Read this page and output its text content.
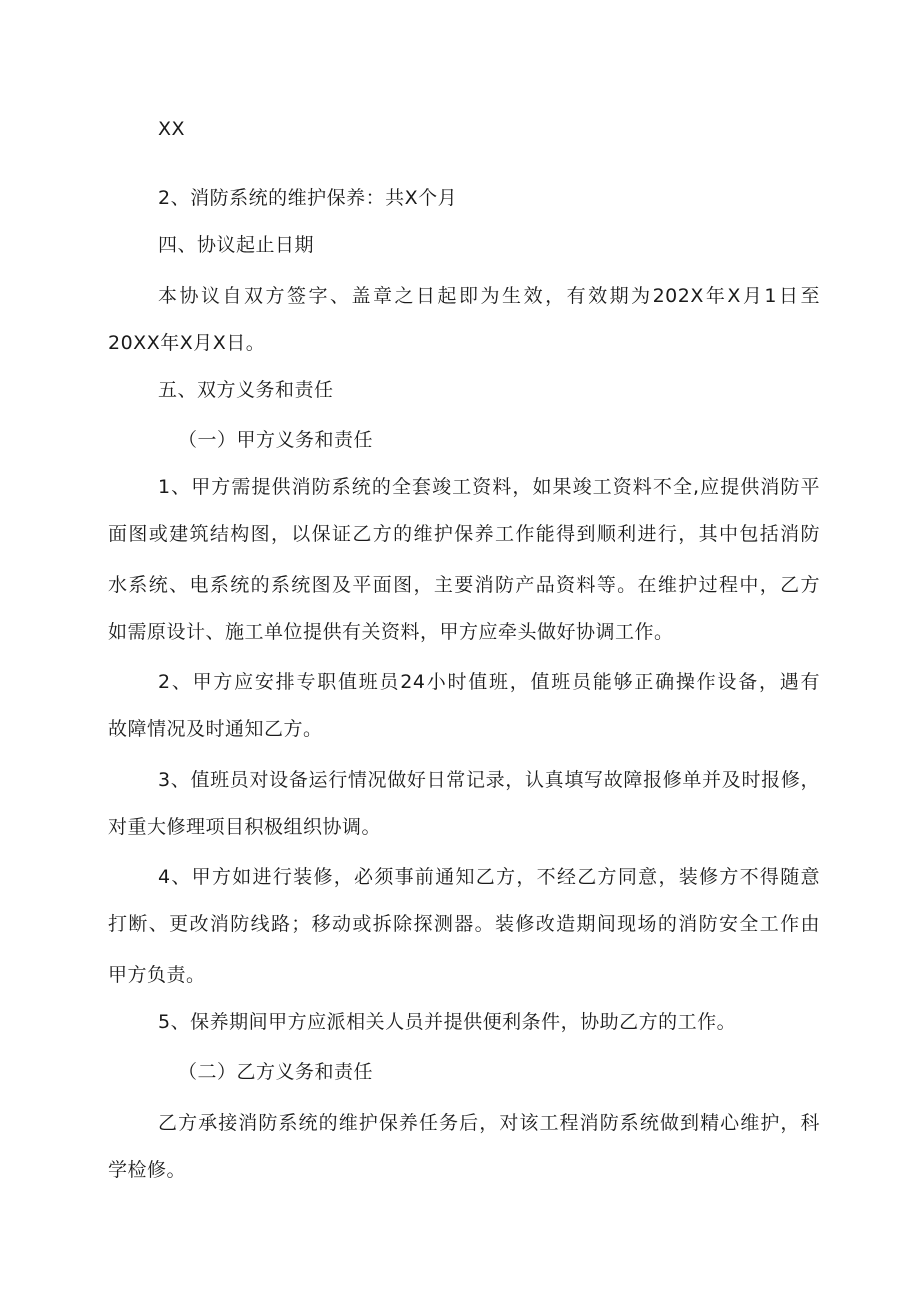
XX
2、消防系统的维护保养：共X个月
四、协议起止日期
本协议自双方签字、盖章之日起即为生效，有效期为202X年X月1日至
20XX年X月X日。
五、双方义务和责任
（一）甲方义务和责任
1、甲方需提供消防系统的全套竣工资料，如果竣工资料不全,应提供消防平
面图或建筑结构图，以保证乙方的维护保养工作能得到顺利进行，其中包括消防
水系统、电系统的系统图及平面图，主要消防产品资料等。在维护过程中，乙方
如需原设计、施工单位提供有关资料，甲方应牵头做好协调工作。
2、甲方应安排专职值班员24小时值班，值班员能够正确操作设备，遇有
故障情况及时通知乙方。
3、值班员对设备运行情况做好日常记录，认真填写故障报修单并及时报修，
对重大修理项目积极组织协调。
4、甲方如进行装修，必须事前通知乙方，不经乙方同意，装修方不得随意
打断、更改消防线路；移动或拆除探测器。装修改造期间现场的消防安全工作由
甲方负责。
5、保养期间甲方应派相关人员并提供便利条件，协助乙方的工作。
（二）乙方义务和责任
乙方承接消防系统的维护保养任务后，对该工程消防系统做到精心维护，科
学检修。
